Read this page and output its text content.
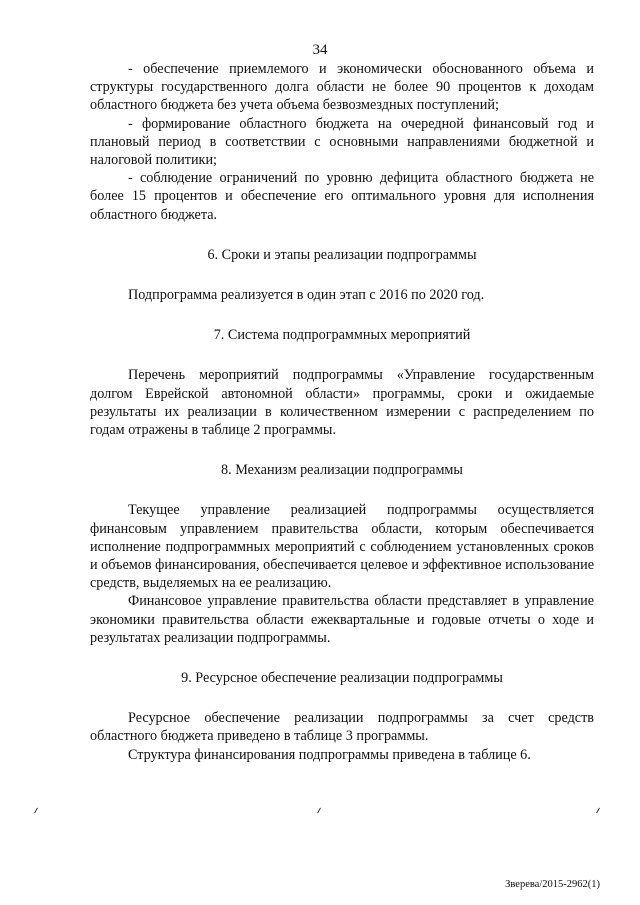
34

- обеспечение приемлемого и экономически обоснованного объема и структуры государственного долга области не более 90 процентов к доходам областного бюджета без учета объема безвозмездных поступлений;

- формирование областного бюджета на очередной финансовый год и плановый период в соответствии с основными направлениями бюджетной и налоговой политики;

- соблюдение ограничений по уровню дефицита областного бюджета не более 15 процентов и обеспечение его оптимального уровня для исполнения областного бюджета.

6. Сроки и этапы реализации подпрограммы

Подпрограмма реализуется в один этап с 2016 по 2020 год.

7. Система подпрограммных мероприятий

Перечень мероприятий подпрограммы «Управление государственным долгом Еврейской автономной области» программы, сроки и ожидаемые результаты их реализации в количественном измерении с распределением по годам отражены в таблице 2 программы.

8. Механизм реализации подпрограммы

Текущее управление реализацией подпрограммы осуществляется финансовым управлением правительства области, которым обеспечивается исполнение подпрограммных мероприятий с соблюдением установленных сроков и объемов финансирования, обеспечивается целевое и эффективное использование средств, выделяемых на ее реализацию.

Финансовое управление правительства области представляет в управление экономики правительства области ежеквартальные и годовые отчеты о ходе и результатах реализации подпрограммы.

9. Ресурсное обеспечение реализации подпрограммы

Ресурсное обеспечение реализации подпрограммы за счет средств областного бюджета приведено в таблице 3 программы.

Структура финансирования подпрограммы приведена в таблице 6.

Зверева/2015-2962(1)
